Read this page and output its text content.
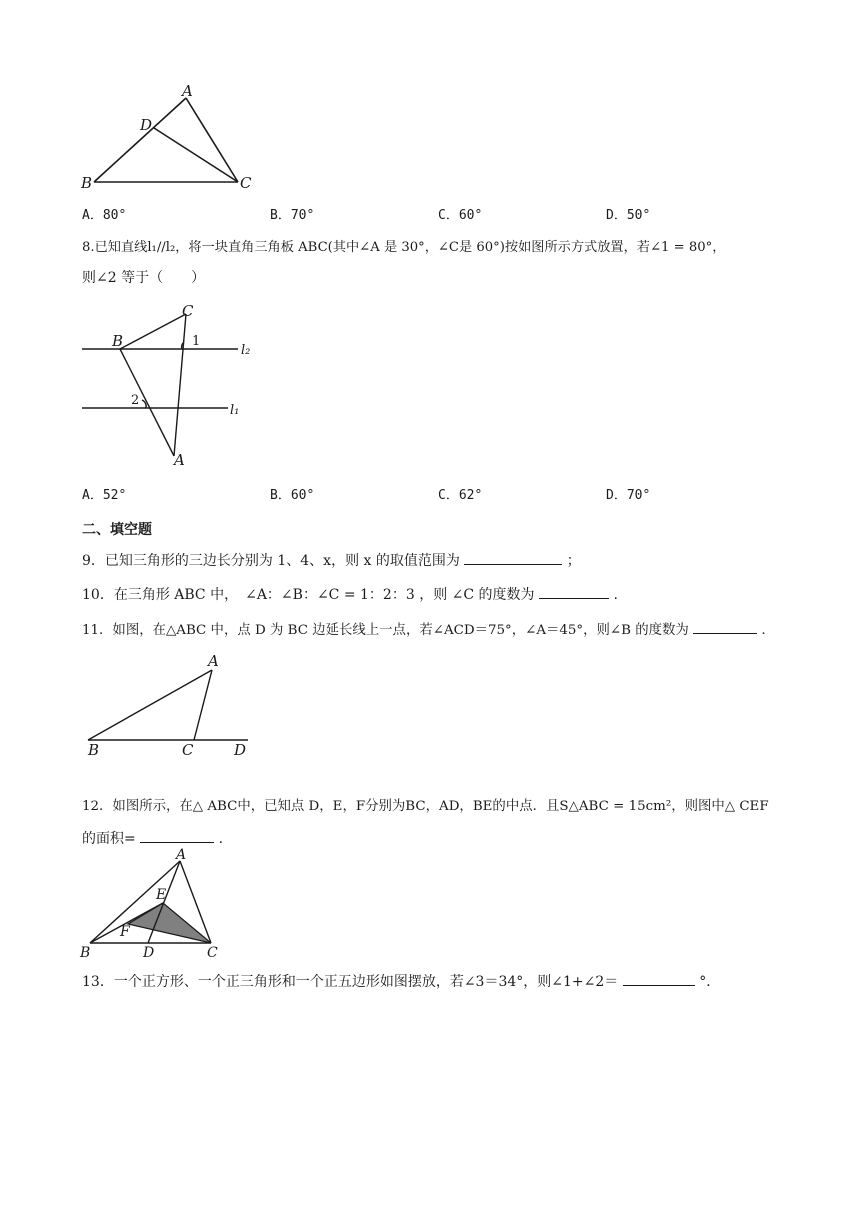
A
D
B	C
A．80°	B．70°	C．60°	D．50°
8.已知直线l₁//l₂，将一块直角三角板 ABC(其中∠A 是 30°，∠C是 60°)按如图所示方式放置，若∠1 = 80°，
则∠2 等于（　　）
C
B
A
1
2
l₂
l₁
A．52°	B．60°	C．62°	D．70°
二、填空题
9．已知三角形的三边长分别为 1、4、x，则 x 的取值范围为	；
10．在三角形 ABC 中，　∠A：∠B：∠C = 1：2：3 ，则 ∠C 的度数为	.
11．如图，在△ABC 中，点 D 为 BC 边延长线上一点，若∠ACD＝75°，∠A＝45°，则∠B 的度数为	.
A
B	C	D
12．如图所示，在△ ABC中，已知点 D，E，F分别为BC，AD，BE的中点．且S△ABC = 15cm²，则图中△ CEF
的面积=	.
A
E
F
B	D	C
13．一个正方形、一个正三角形和一个正五边形如图摆放，若∠3＝34°，则∠1+∠2＝	°．
